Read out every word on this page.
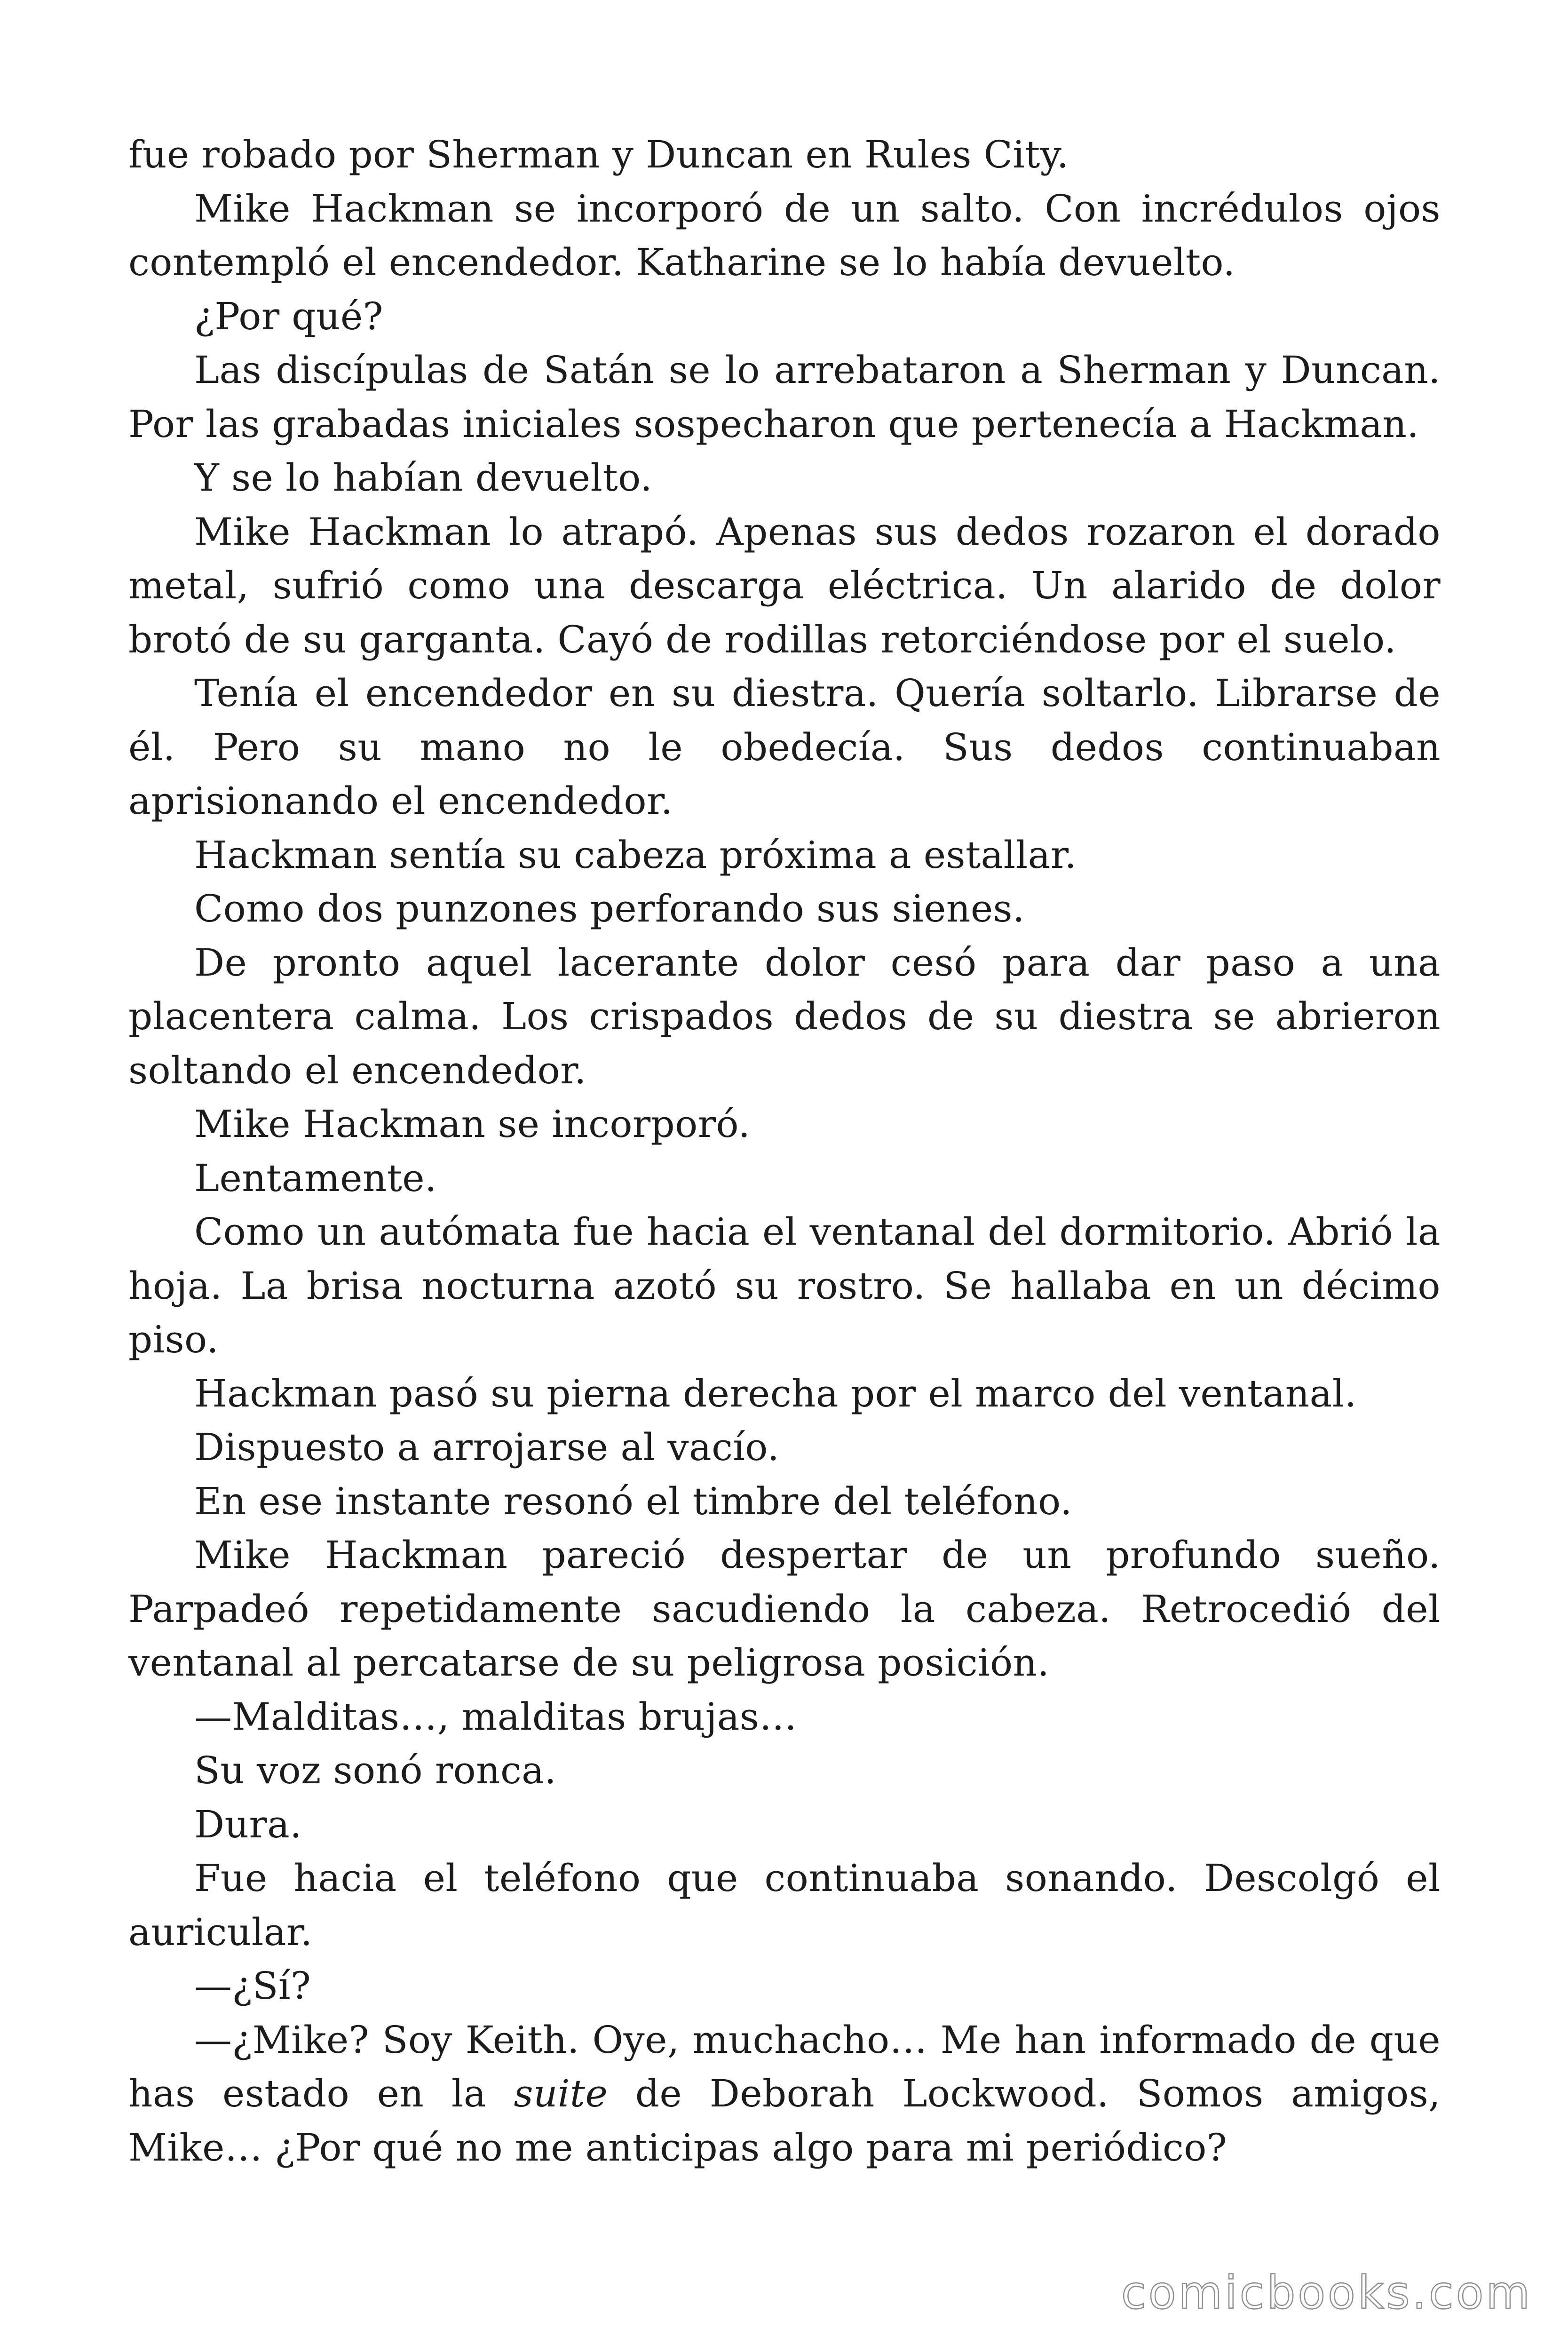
fue robado por Sherman y Duncan en Rules City.

Mike Hackman se incorporó de un salto. Con incrédulos ojos contempló el encendedor. Katharine se lo había devuelto.

¿Por qué?

Las discípulas de Satán se lo arrebataron a Sherman y Duncan. Por las grabadas iniciales sospecharon que pertenecía a Hackman.

Y se lo habían devuelto.

Mike Hackman lo atrapó. Apenas sus dedos rozaron el dorado metal, sufrió como una descarga eléctrica. Un alarido de dolor brotó de su garganta. Cayó de rodillas retorciéndose por el suelo.

Tenía el encendedor en su diestra. Quería soltarlo. Librarse de él. Pero su mano no le obedecía. Sus dedos continuaban aprisionando el encendedor.

Hackman sentía su cabeza próxima a estallar.

Como dos punzones perforando sus sienes.

De pronto aquel lacerante dolor cesó para dar paso a una placentera calma. Los crispados dedos de su diestra se abrieron soltando el encendedor.

Mike Hackman se incorporó.

Lentamente.

Como un autómata fue hacia el ventanal del dormitorio. Abrió la hoja. La brisa nocturna azotó su rostro. Se hallaba en un décimo piso.

Hackman pasó su pierna derecha por el marco del ventanal.

Dispuesto a arrojarse al vacío.

En ese instante resonó el timbre del teléfono.

Mike Hackman pareció despertar de un profundo sueño. Parpadeó repetidamente sacudiendo la cabeza. Retrocedió del ventanal al percatarse de su peligrosa posición.

—Malditas…, malditas brujas…

Su voz sonó ronca.

Dura.

Fue hacia el teléfono que continuaba sonando. Descolgó el auricular.

—¿Sí?

—¿Mike? Soy Keith. Oye, muchacho… Me han informado de que has estado en la suite de Deborah Lockwood. Somos amigos, Mike… ¿Por qué no me anticipas algo para mi periódico?

comicbooks.com
